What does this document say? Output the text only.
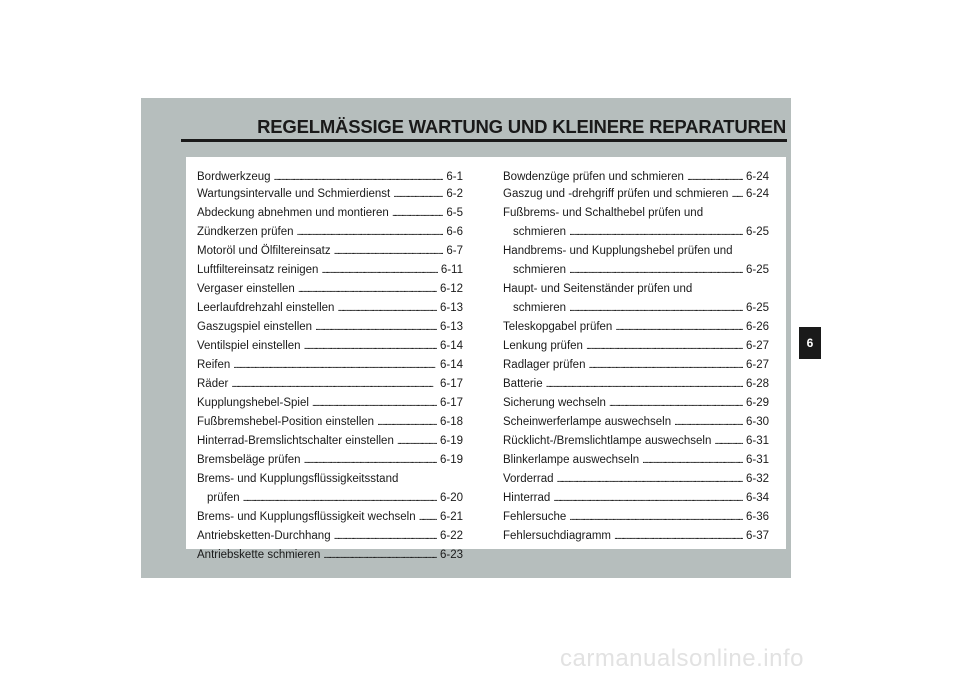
REGELMÄSSIGE WARTUNG UND KLEINERE REPARATUREN
Bordwerkzeug . . .	6-1
Wartungsintervalle und Schmierdienst . . .	6-2
Abdeckung abnehmen und montieren . . .	6-5
Zündkerzen prüfen . . .	6-6
Motoröl und Ölfiltereinsatz . . .	6-7
Luftfiltereinsatz reinigen . . .	6-11
Vergaser einstellen . . .	6-12
Leerlaufdrehzahl einstellen . . .	6-13
Gaszugspiel einstellen . . .	6-13
Ventilspiel einstellen . . .	6-14
Reifen . . .	6-14
Räder . . .	6-17
Kupplungshebel-Spiel . . .	6-17
Fußbremshebel-Position einstellen . . .	6-18
Hinterrad-Bremslichtschalter einstellen . . .	6-19
Bremsbeläge prüfen . . .	6-19
Brems- und Kupplungsflüssigkeitsstand
prüfen . . .	6-20
Brems- und Kupplungsflüssigkeit wechseln . . . 6-21
Antriebsketten-Durchhang . . .	6-22
Antriebskette schmieren . . .	6-23
Bowdenzüge prüfen und schmieren . . .	6-24
Gaszug und -drehgriff prüfen und schmieren . . . 6-24
Fußbrems- und Schalthebel prüfen und
schmieren . . .	6-25
Handbrems- und Kupplungshebel prüfen und
schmieren . . .	6-25
Haupt- und Seitenständer prüfen und
schmieren . . .	6-25
Teleskopgabel prüfen . . .	6-26
Lenkung prüfen . . .	6-27
Radlager prüfen . . .	6-27
Batterie . . .	6-28
Sicherung wechseln . . .	6-29
Scheinwerferlampe auswechseln . . .	6-30
Rücklicht-/Bremslichtlampe auswechseln . . .	6-31
Blinkerlampe auswechseln . . .	6-31
Vorderrad . . .	6-32
Hinterrad . . .	6-34
Fehlersuche . . .	6-36
Fehlersuchdiagramm . . .	6-37
6
carmanualsonline.info
